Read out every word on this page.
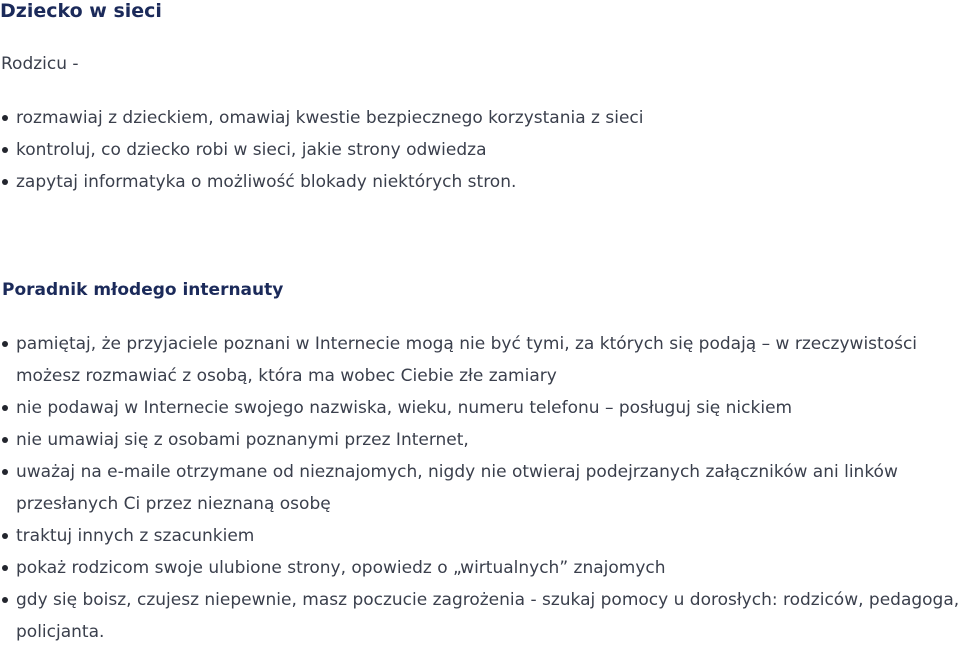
Dziecko w sieci

Rodzicu -

rozmawiaj z dzieckiem, omawiaj kwestie bezpiecznego korzystania z sieci
kontroluj, co dziecko robi w sieci, jakie strony odwiedza
zapytaj informatyka o możliwość blokady niektórych stron.
Poradnik młodego internauty
pamiętaj, że przyjaciele poznani w Internecie mogą nie być tymi, za których się podają – w rzeczywistości możesz rozmawiać z osobą, która ma wobec Ciebie złe zamiary
nie podawaj w Internecie swojego nazwiska, wieku, numeru telefonu – posługuj się nickiem
nie umawiaj się z osobami poznanymi przez Internet,
uważaj na e-maile otrzymane od nieznajomych, nigdy nie otwieraj podejrzanych załączników ani linków przesłanych Ci przez nieznaną osobę
traktuj innych z szacunkiem
pokaż rodzicom swoje ulubione strony, opowiedz o „wirtualnych” znajomych
gdy się boisz, czujesz niepewnie, masz poczucie zagrożenia - szukaj pomocy u dorosłych: rodziców, pedagoga, policjanta.
